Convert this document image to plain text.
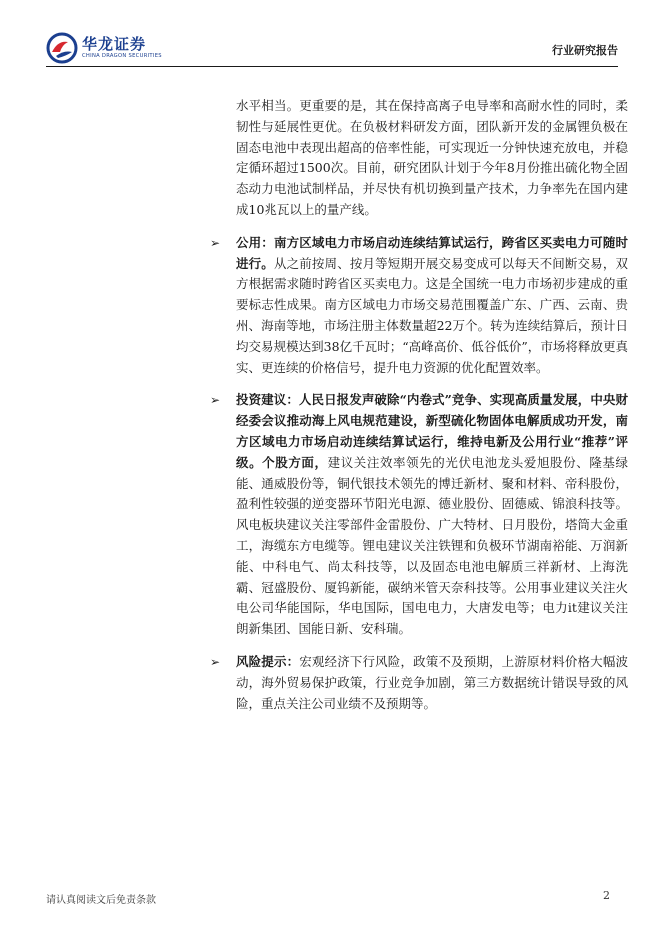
华龙证券
CHINA DRAGON SECURITIES	行业研究报告

水平相当。更重要的是，其在保持高离子电导率和高耐水性的同时，柔韧性与延展性更优。在负极材料研发方面，团队新开发的金属锂负极在固态电池中表现出超高的倍率性能，可实现近一分钟快速充放电，并稳定循环超过1500次。目前，研究团队计划于今年8月份推出硫化物全固态动力电池试制样品，并尽快有机切换到量产技术，力争率先在国内建成10兆瓦以上的量产线。

➢ 公用：南方区域电力市场启动连续结算试运行，跨省区买卖电力可随时进行。从之前按周、按月等短期开展交易变成可以每天不间断交易，双方根据需求随时跨省区买卖电力。这是全国统一电力市场初步建成的重要标志性成果。南方区域电力市场交易范围覆盖广东、广西、云南、贵州、海南等地，市场注册主体数量超22万个。转为连续结算后，预计日均交易规模达到38亿千瓦时；“高峰高价、低谷低价”，市场将释放更真实、更连续的价格信号，提升电力资源的优化配置效率。

➢ 投资建议：人民日报发声破除“内卷式”竞争、实现高质量发展，中央财经委会议推动海上风电规范建设，新型硫化物固体电解质成功开发，南方区域电力市场启动连续结算试运行，维持电新及公用行业“推荐”评级。个股方面，建议关注效率领先的光伏电池龙头爱旭股份、隆基绿能、通威股份等，铜代银技术领先的博迁新材、聚和材料、帝科股份，盈利性较强的逆变器环节阳光电源、德业股份、固德威、锦浪科技等。风电板块建议关注零部件金雷股份、广大特材、日月股份，塔筒大金重工，海缆东方电缆等。锂电建议关注铁锂和负极环节湖南裕能、万润新能、中科电气、尚太科技等，以及固态电池电解质三祥新材、上海洗霸、冠盛股份、厦钨新能，碳纳米管天奈科技等。公用事业建议关注火电公司华能国际，华电国际，国电电力，大唐发电等；电力it建议关注朗新集团、国能日新、安科瑞。

➢ 风险提示：宏观经济下行风险，政策不及预期，上游原材料价格大幅波动，海外贸易保护政策，行业竞争加剧，第三方数据统计错误导致的风险，重点关注公司业绩不及预期等。

请认真阅读文后免责条款	2
